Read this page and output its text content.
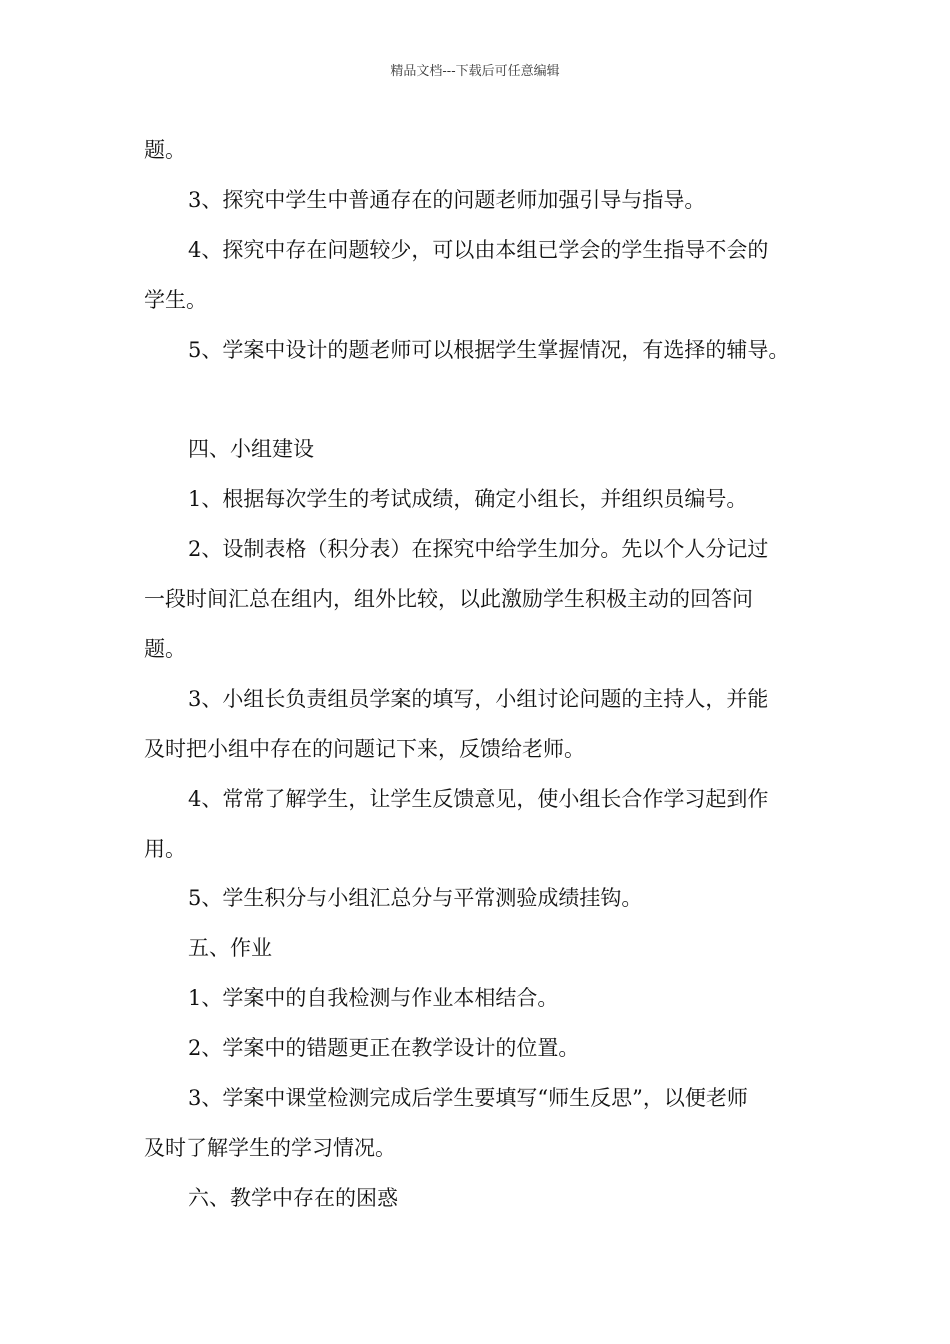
精品文档---下载后可任意编辑
题。
3、探究中学生中普通存在的问题老师加强引导与指导。
4、探究中存在问题较少，可以由本组已学会的学生指导不会的
学生。
5、学案中设计的题老师可以根据学生掌握情况，有选择的辅导。
四、小组建设
1、根据每次学生的考试成绩，确定小组长，并组织员编号。
2、设制表格（积分表）在探究中给学生加分。先以个人分记过
一段时间汇总在组内，组外比较，以此激励学生积极主动的回答问
题。
3、小组长负责组员学案的填写，小组讨论问题的主持人，并能
及时把小组中存在的问题记下来，反馈给老师。
4、常常了解学生，让学生反馈意见，使小组长合作学习起到作
用。
5、学生积分与小组汇总分与平常测验成绩挂钩。
五、作业
1、学案中的自我检测与作业本相结合。
2、学案中的错题更正在教学设计的位置。
3、学案中课堂检测完成后学生要填写“师生反思”，以便老师
及时了解学生的学习情况。
六、教学中存在的困惑
